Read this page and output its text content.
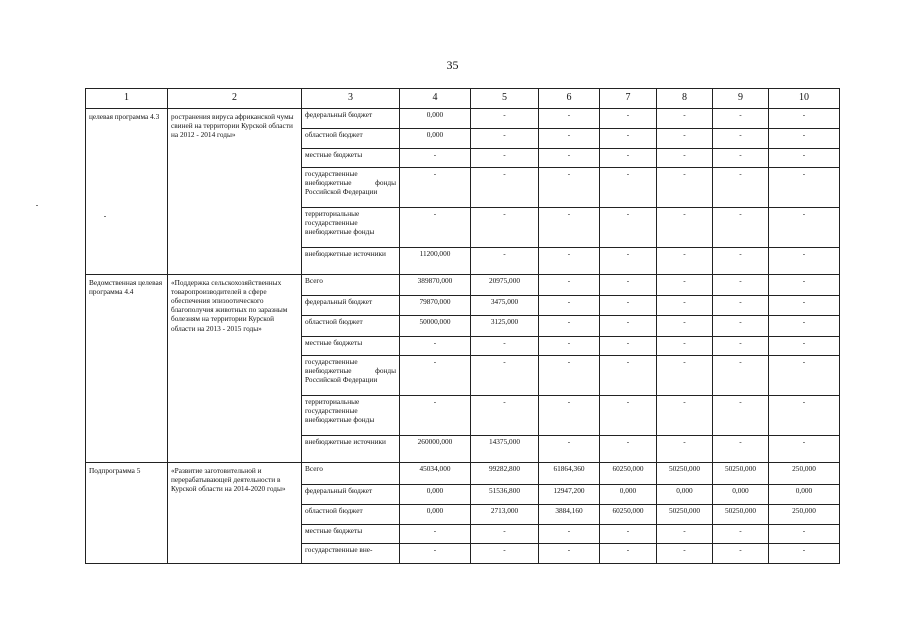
35
1	2	3	4	5	6	7	8	9	10
целевая программа 4.3	ространения вируса африканской чумы свиней на территории Курской области на 2012 - 2014 годы»	федеральный бюджет	0,000	-	-	-	-	-	-
		областной бюджет	0,000	-	-	-	-	-	-
		местные бюджеты	-	-	-	-	-	-	-
		государственные внебюджетные фонды Российской Федерации	-	-	-	-	-	-	-
		территориальные государственные внебюджетные фонды	-	-	-	-	-	-	-
		внебюджетные источники	11200,000	-	-	-	-	-	-
Ведомственная целевая программа 4.4	«Поддержка сельскохозяйственных товаропроизводителей в сфере обеспечения эпизоотического благополучия животных по заразным болезням на территории Курской области на 2013 - 2015 годы»	Всего	389870,000	20975,000	-	-	-	-	-
		федеральный бюджет	79870,000	3475,000	-	-	-	-	-
		областной бюджет	50000,000	3125,000	-	-	-	-	-
		местные бюджеты	-	-	-	-	-	-	-
		государственные внебюджетные фонды Российской Федерации	-	-	-	-	-	-	-
		территориальные государственные внебюджетные фонды	-	-	-	-	-	-	-
		внебюджетные источники	260000,000	14375,000	-	-	-	-	-
Подпрограмма 5	«Развитие заготовительной и перерабатывающей деятельности в Курской области на 2014-2020 годы»	Всего	45034,000	99282,800	61864,360	60250,000	50250,000	50250,000	250,000
		федеральный бюджет	0,000	51536,800	12947,200	0,000	0,000	0,000	0,000
		областной бюджет	0,000	2713,000	3884,160	60250,000	50250,000	50250,000	250,000
		местные бюджеты	-	-	-	-	-	-	-
		государственные вне-	-	-	-	-	-	-	-
